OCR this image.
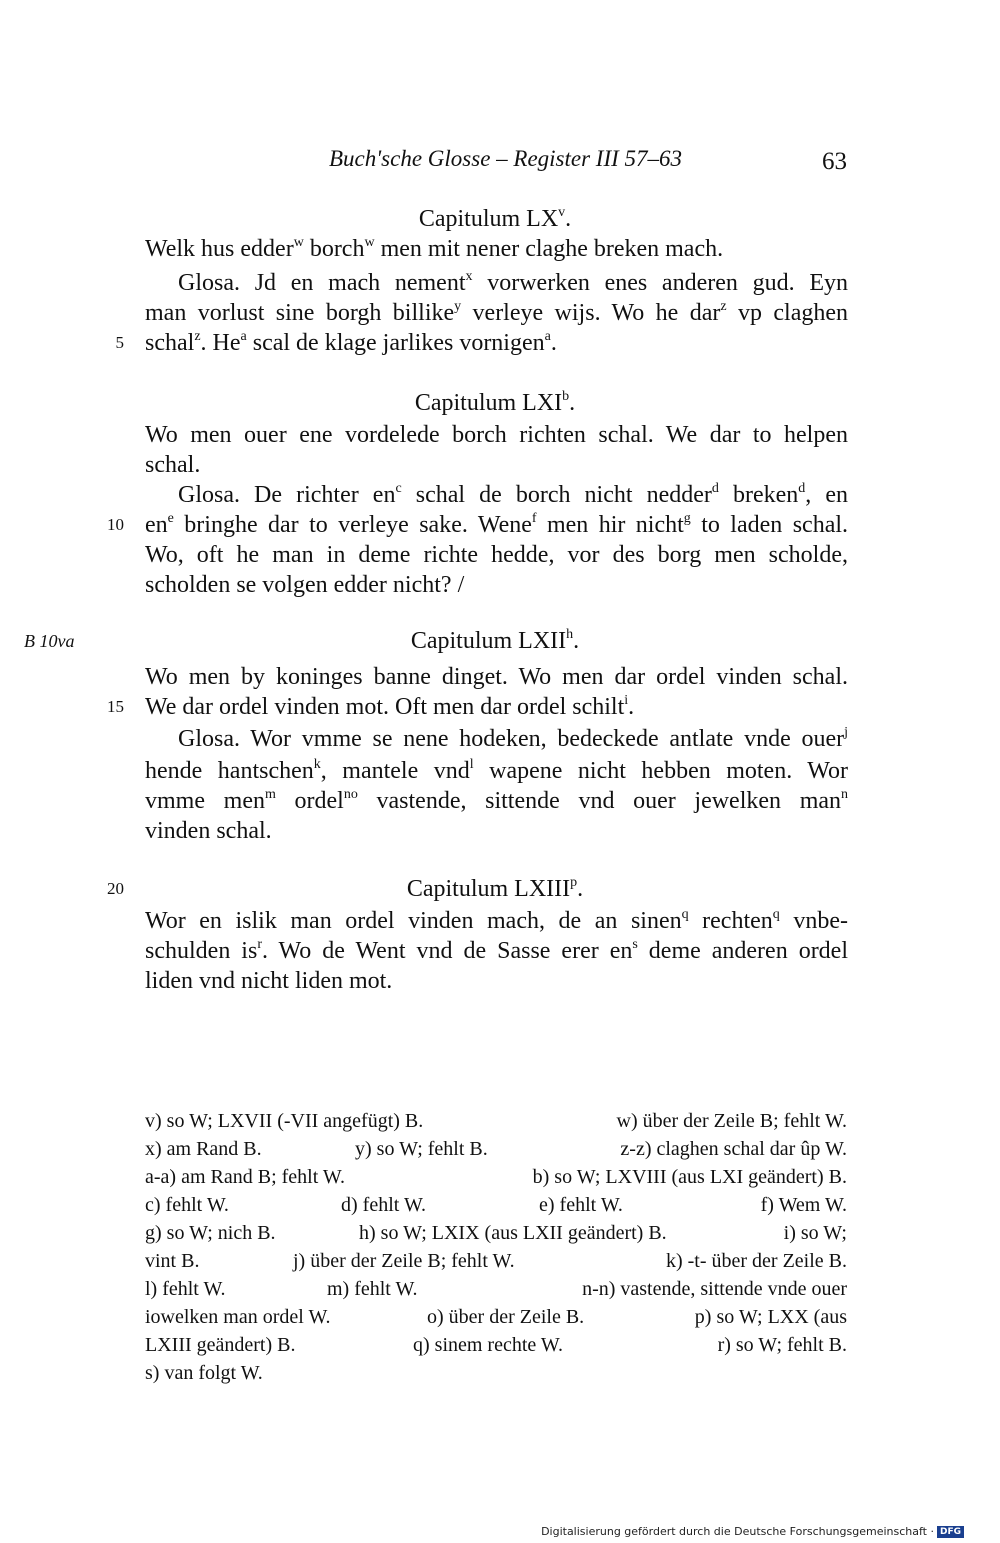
Buch'sche Glosse – Register III 57–63	63
Capitulum $LX^v$.
Welk hus edder$^w$ borch$^w$ men mit nener claghe breken mach.
Glosa. Jd en mach nement$^x$ vorwerken enes anderen gud. Eyn
man vorlust sine borgh billike$^y$ verleye wijs. Wo he dar$^z$ vp claghen
5 schal$^z$. He$^a$ scal de klage jarlikes vornigen$^a$.
Capitulum LXI$^b$.
Wo men ouer ene vordelede borch richten schal. We dar to helpen
schal.
Glosa. De richter $en^c$ schal de borch nicht nedder$^d$ breken$^d$, en
10 $en^e$ bringhe dar to verleye sake. Wene$^f$ men hir nicht$^g$ to laden schal.
Wo, oft he man in deme richte hedde, vor des borg men scholde,
scholden se volgen edder nicht? /
B 10va	Capitulum LXII$^h$.
Wo men by koninges banne dinget. Wo men dar ordel vinden schal.
15 We dar ordel vinden mot. Oft men dar ordel schilt$^i$.
Glosa. Wor vmme se nene hodeken, bedeckede antlate vnde ouer$^j$
hende hantschen$^k$, mantele vnd$^l$ wapene nicht hebben moten. Wor
vmme men$^m$ ordel$^{no}$ vastende, sittende vnd ouer jewelken man$^n$
vinden schal.
20	Capitulum LXIII$^p$.
Wor en islik man ordel vinden mach, de an sinen$^q$ rechten$^q$ vnbe-
schulden $is^r$. Wo de Went vnd de Sasse erer $en^s$ deme anderen ordel
liden vnd nicht liden mot.
v) so W; LXVII (-VII angefügt) B.	w) über der Zeile B; fehlt W.
x) am Rand B.	y) so W; fehlt B.	z-z) claghen schal dar ûp W.
a-a) am Rand B; fehlt W.	b) so W; LXVIII (aus LXI geändert) B.
c) fehlt W.	d) fehlt W.	e) fehlt W.	f) Wem W.
g) so W; nich B.	h) so W; LXIX (aus LXII geändert) B.	i) so W;
vint B.	j) über der Zeile B; fehlt W.	k) -t- über der Zeile B.
l) fehlt W.	m) fehlt W.	n-n) vastende, sittende vnde ouer
iowelken man ordel W.	o) über der Zeile B.	p) so W; LXX (aus
LXIII geändert) B.	q) sinem rechte W.	r) so W; fehlt B.
s) van folgt W.
Digitalisierung gefördert durch die Deutsche Forschungsgemeinschaft · DFG
